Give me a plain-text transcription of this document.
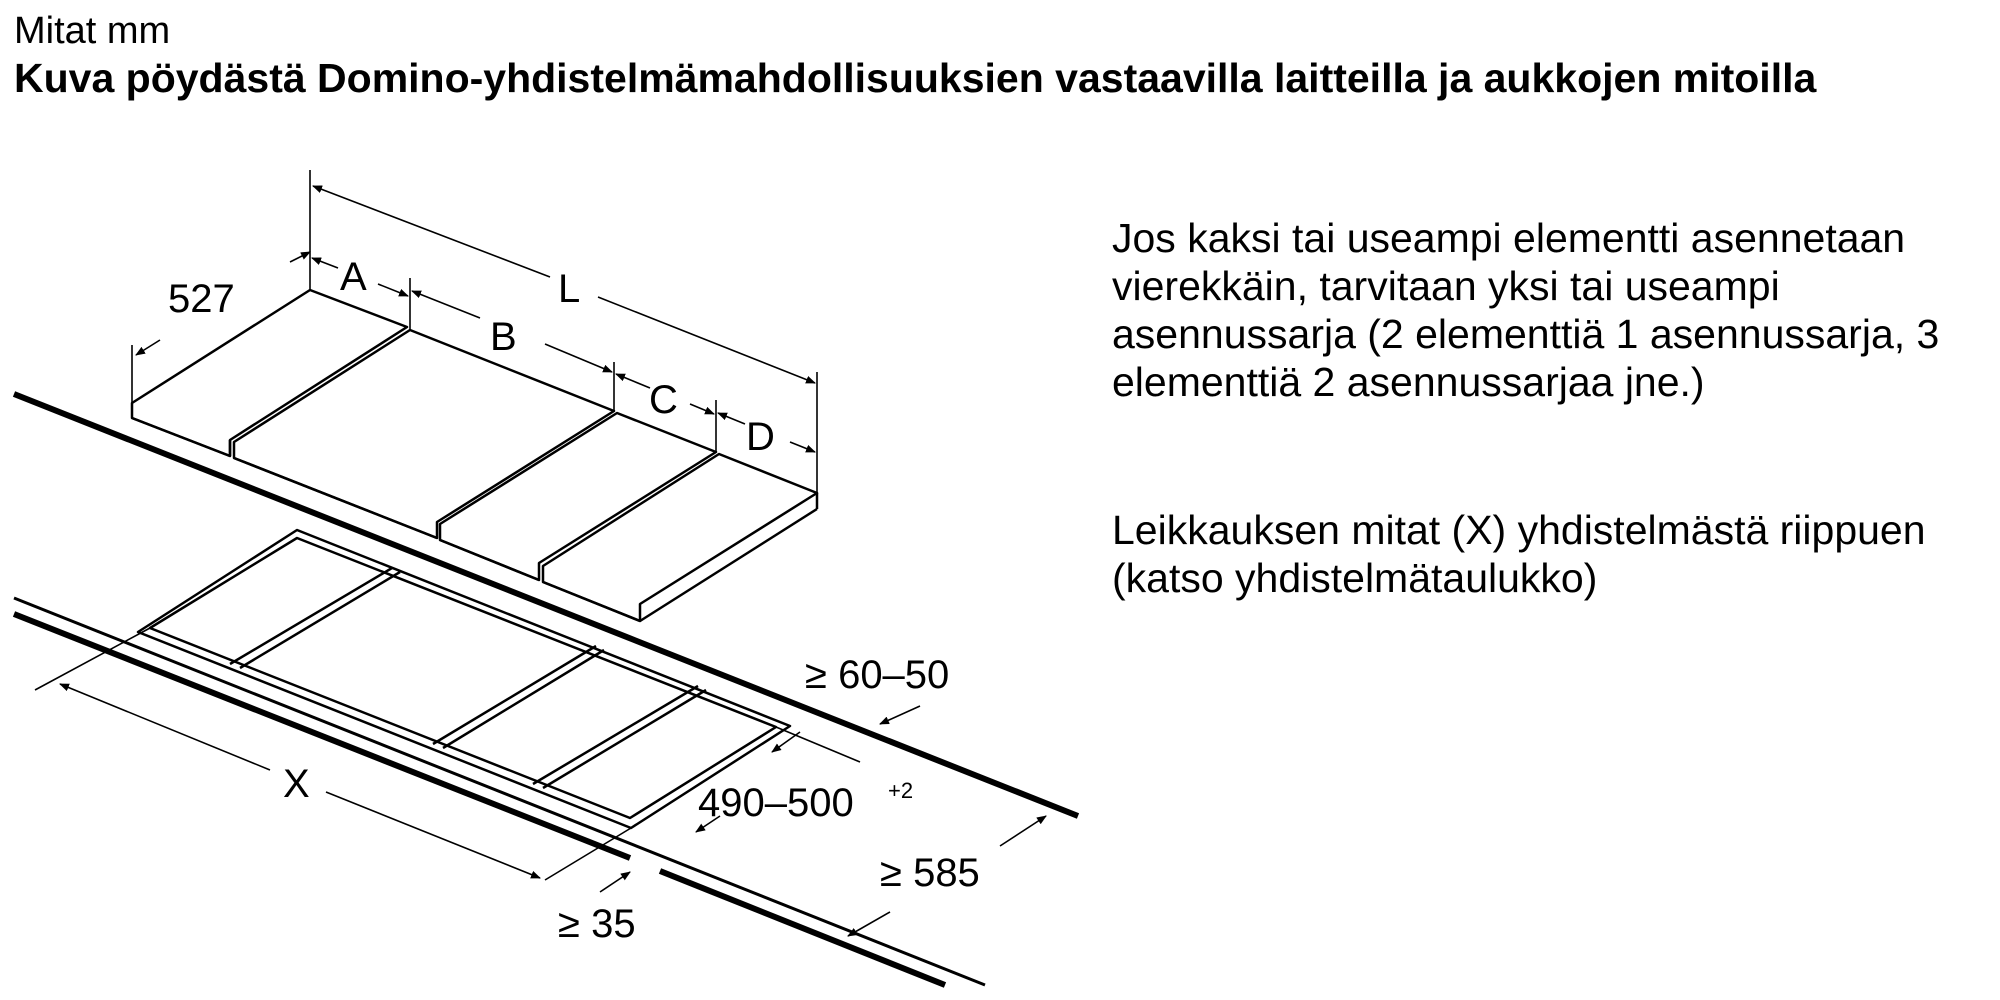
Mitat mm
Kuva pöydästä Domino-yhdistelmämahdollisuuksien vastaavilla laitteilla ja aukkojen mitoilla

Jos kaksi tai useampi elementti asennetaan vierekkäin, tarvitaan yksi tai useampi asennussarja (2 elementtiä 1 asennussarja, 3 elementtiä 2 asennussarjaa jne.)

Leikkauksen mitat (X) yhdistelmästä riippuen (katso yhdistelmätaulukko)

527	A
B
C
D
L
X
≥ 60–50
490–500 +2
≥ 585
≥ 35
